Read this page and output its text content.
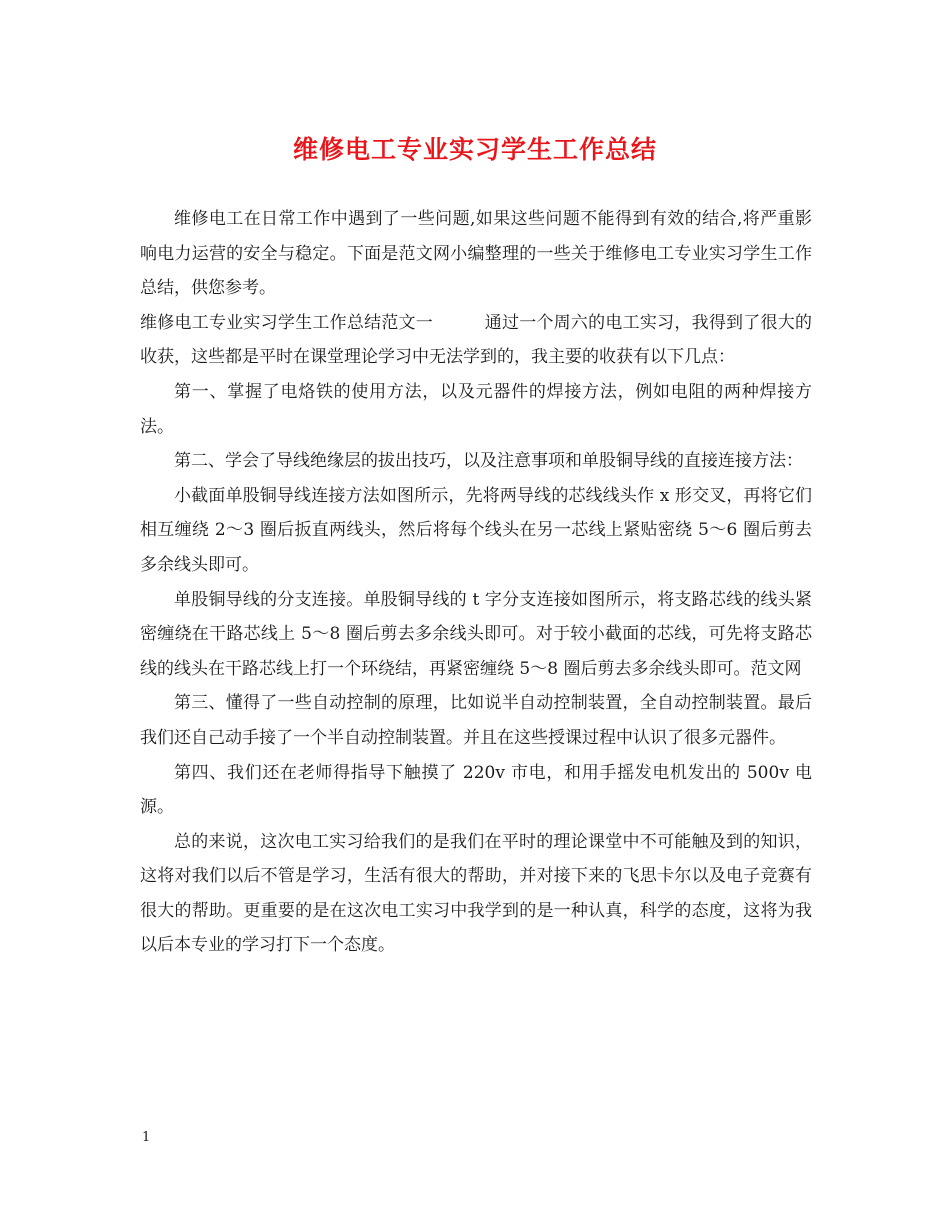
维修电工专业实习学生工作总结

维修电工在日常工作中遇到了一些问题,如果这些问题不能得到有效的结合,将严重影响电力运营的安全与稳定。下面是范文网小编整理的一些关于维修电工专业实习学生工作总结，供您参考。

维修电工专业实习学生工作总结范文一　　　通过一个周六的电工实习，我得到了很大的收获，这些都是平时在课堂理论学习中无法学到的，我主要的收获有以下几点：

第一、掌握了电烙铁的使用方法，以及元器件的焊接方法，例如电阻的两种焊接方法。

第二、学会了导线绝缘层的拔出技巧，以及注意事项和单股铜导线的直接连接方法：

小截面单股铜导线连接方法如图所示，先将两导线的芯线线头作 x 形交叉，再将它们相互缠绕 2～3 圈后扳直两线头，然后将每个线头在另一芯线上紧贴密绕 5～6 圈后剪去多余线头即可。

单股铜导线的分支连接。单股铜导线的 t 字分支连接如图所示，将支路芯线的线头紧密缠绕在干路芯线上 5～8 圈后剪去多余线头即可。对于较小截面的芯线，可先将支路芯线的线头在干路芯线上打一个环绕结，再紧密缠绕 5～8 圈后剪去多余线头即可。范文网

第三、懂得了一些自动控制的原理，比如说半自动控制装置，全自动控制装置。最后我们还自己动手接了一个半自动控制装置。并且在这些授课过程中认识了很多元器件。

第四、我们还在老师得指导下触摸了 220v 市电，和用手摇发电机发出的 500v 电源。

总的来说，这次电工实习给我们的是我们在平时的理论课堂中不可能触及到的知识，这将对我们以后不管是学习，生活有很大的帮助，并对接下来的飞思卡尔以及电子竞赛有很大的帮助。更重要的是在这次电工实习中我学到的是一种认真，科学的态度，这将为我以后本专业的学习打下一个态度。

1
